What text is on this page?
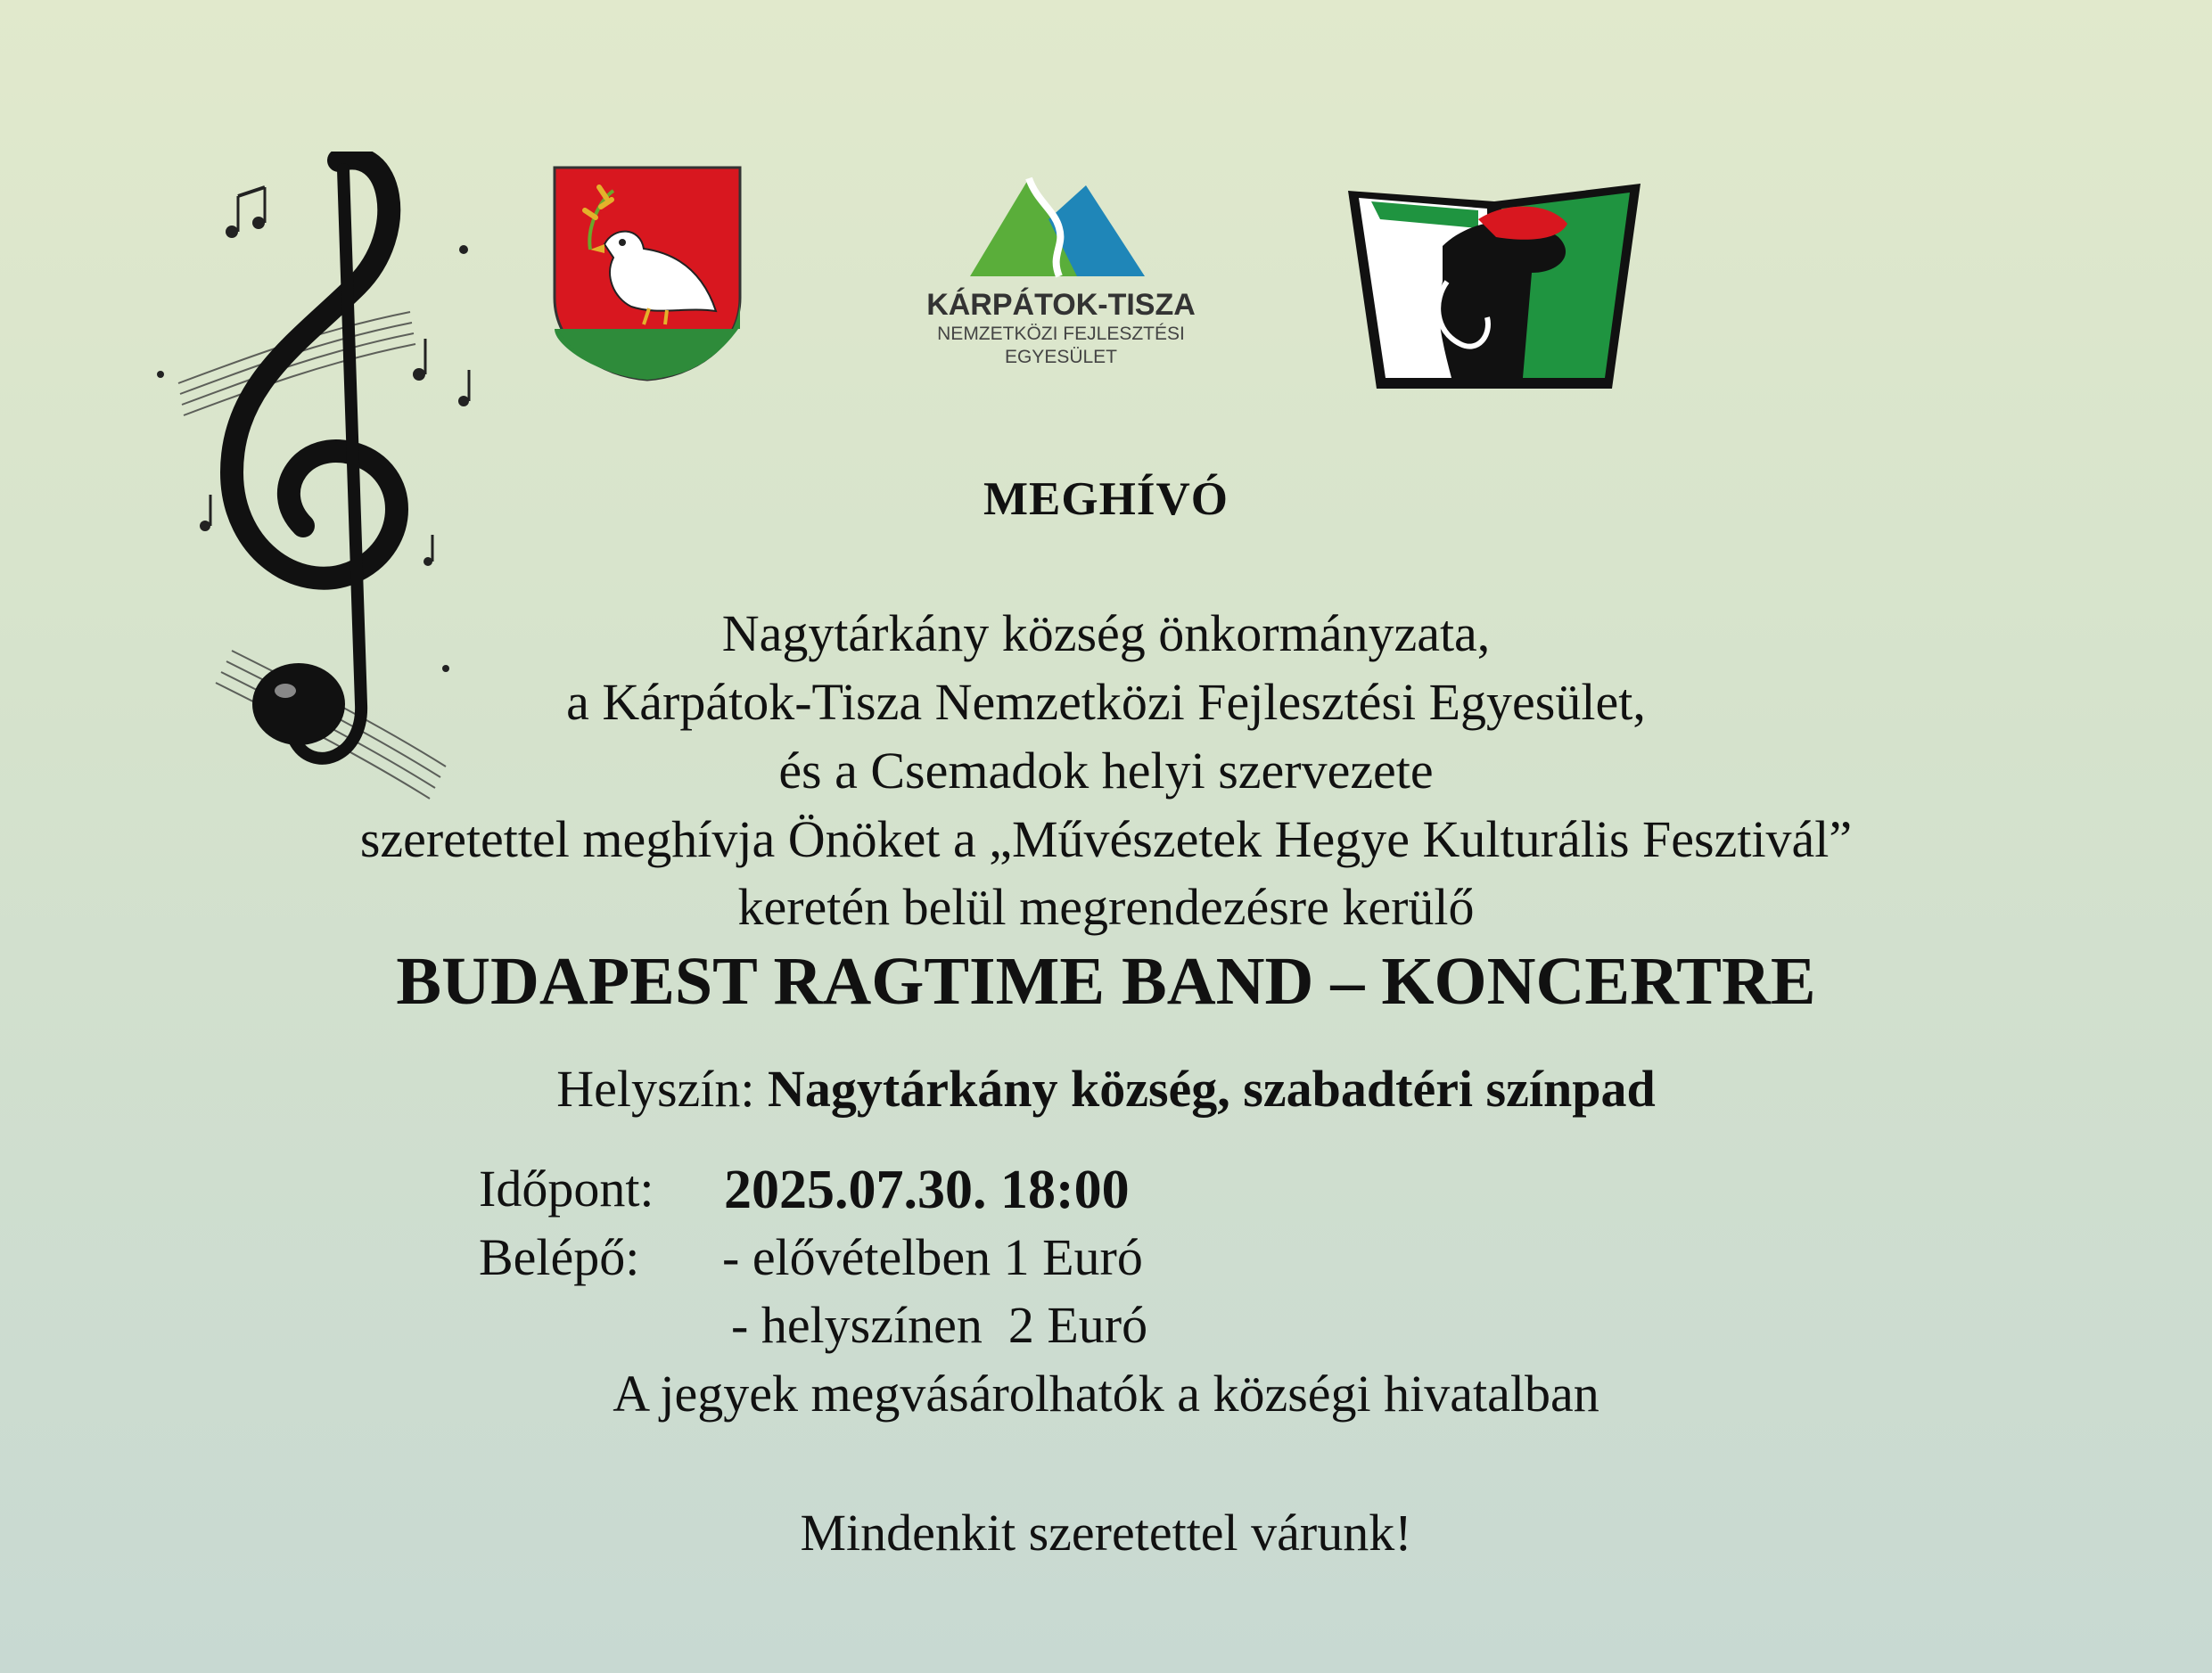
KÁRPÁTOK-TISZA
NEMZETKÖZI FEJLESZTÉSI
EGYESÜLET
MEGHÍVÓ
Nagytárkány község önkormányzata,
a Kárpátok-Tisza Nemzetközi Fejlesztési Egyesület,
és a Csemadok helyi szervezete
szeretettel meghívja Önöket a „Művészetek Hegye Kulturális Fesztivál”
keretén belül megrendezésre kerülő
BUDAPEST RAGTIME BAND – KONCERTRE
Helyszín: Nagytárkány község, szabadtéri színpad
Időpont: 2025.07.30. 18:00
Belépő: - elővételben 1 Euró
- helyszínen  2 Euró
A jegyek megvásárolhatók a községi hivatalban
Mindenkit szeretettel várunk!
